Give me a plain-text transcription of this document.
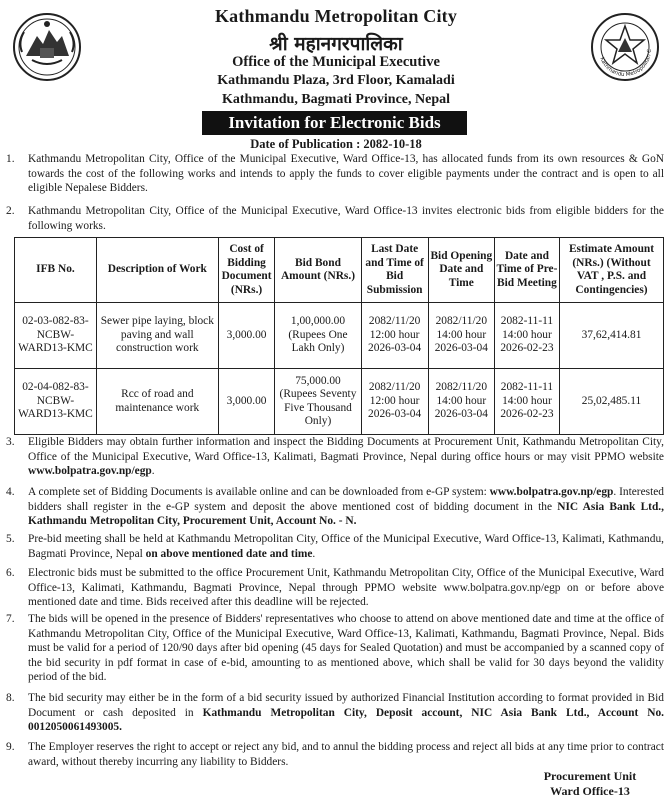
Kathmandu Metropolitan C
Kathmandu Metropolitan City
श्री महानगरपालिका
Office of the Municipal Executive
Kathmandu Plaza, 3rd Floor, Kamaladi
Kathmandu, Bagmati Province, Nepal
Invitation for Electronic Bids
Date of Publication : 2082-10-18
1. Kathmandu Metropolitan City, Office of the Municipal Executive, Ward Office-13, has allocated funds from its own resources & GoN towards the cost of the following works and intends to apply the funds to cover eligible payments under the contract and is open to all eligible Nepalese Bidders.
2. Kathmandu Metropolitan City, Office of the Municipal Executive, Ward Office-13 invites electronic bids from eligible bidders for the following works.
IFB No.	Description of Work	Cost of Bidding Document (NRs.)	Bid Bond Amount (NRs.)	Last Date and Time of Bid Submission	Bid Opening Date and Time	Date and Time of Pre-Bid Meeting	Estimate Amount (NRs.) (Without VAT , P.S. and Contingencies)
02-03-082-83-NCBW-WARD13-KMC	Sewer pipe laying, block paving and wall construction work	3,000.00	1,00,000.00 (Rupees One Lakh Only)	2082/11/20 12:00 hour 2026-03-04	2082/11/20 14:00 hour 2026-03-04	2082-11-11 14:00 hour 2026-02-23	37,62,414.81
02-04-082-83-NCBW-WARD13-KMC	Rcc of road and maintenance work	3,000.00	75,000.00 (Rupees Seventy Five Thousand Only)	2082/11/20 12:00 hour 2026-03-04	2082/11/20 14:00 hour 2026-03-04	2082-11-11 14:00 hour 2026-02-23	25,02,485.11
3. Eligible Bidders may obtain further information and inspect the Bidding Documents at Procurement Unit, Kathmandu Metropolitan City, Office of the Municipal Executive, Ward Office-13, Kalimati, Bagmati Province, Nepal during office hours or may visit PPMO website www.bolpatra.gov.np/egp.
4. A complete set of Bidding Documents is available online and can be downloaded from e-GP system: www.bolpatra.gov.np/egp. Interested bidders shall register in the e-GP system and deposit the above mentioned cost of bidding document in the NIC Asia Bank Ltd., Kathmandu Metropolitan City, Procurement Unit, Account No. - N.
5. Pre-bid meeting shall be held at Kathmandu Metropolitan City, Office of the Municipal Executive, Ward Office-13, Kalimati, Kathmandu, Bagmati Province, Nepal on above mentioned date and time.
6. Electronic bids must be submitted to the office Procurement Unit, Kathmandu Metropolitan City, Office of the Municipal Executive, Ward Office-13, Kalimati, Kathmandu, Bagmati Province, Nepal through PPMO website www.bolpatra.gov.np/egp on or before above mentioned date and time. Bids received after this deadline will be rejected.
7. The bids will be opened in the presence of Bidders' representatives who choose to attend on above mentioned date and time at the office of Kathmandu Metropolitan City, Office of the Municipal Executive, Ward Office-13, Kalimati, Kathmandu, Bagmati Province, Nepal. Bids must be valid for a period of 120/90 days after bid opening (45 days for Sealed Quotation) and must be accompanied by a scanned copy of the bid security in pdf format in case of e-bid, amounting to as mentioned above, which shall be valid for 30 days beyond the validity period of the bid.
8. The bid security may either be in the form of a bid security issued by authorized Financial Institution according to format provided in Bid Document or cash deposited in Kathmandu Metropolitan City, Deposit account, NIC Asia Bank Ltd., Account No. 0012050061493005.
9. The Employer reserves the right to accept or reject any bid, and to annul the bidding process and reject all bids at any time prior to contract award, without thereby incurring any liability to Bidders.
Procurement Unit
Ward Office-13
